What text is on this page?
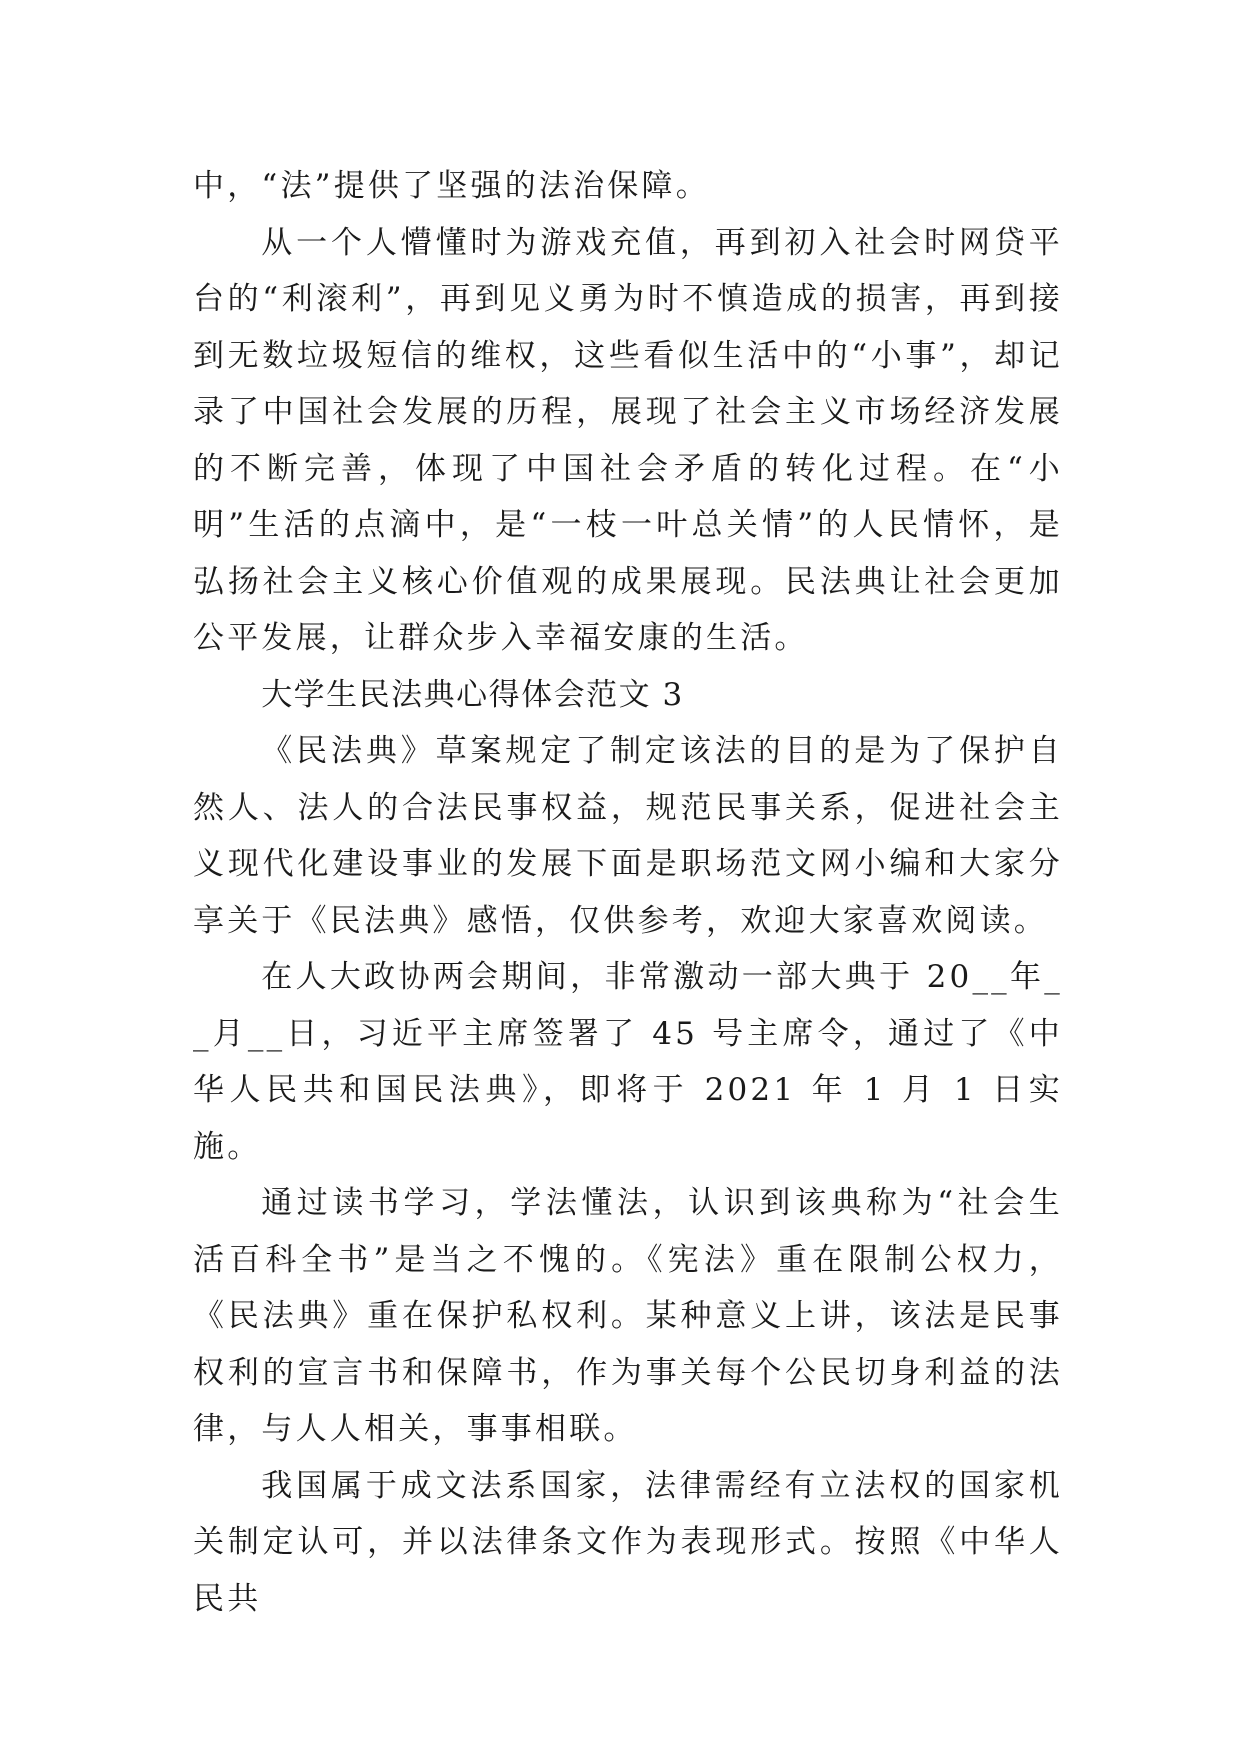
中，“法”提供了坚强的法治保障。

从一个人懵懂时为游戏充值，再到初入社会时网贷平台的“利滚利”，再到见义勇为时不慎造成的损害，再到接到无数垃圾短信的维权，这些看似生活中的“小事”，却记录了中国社会发展的历程，展现了社会主义市场经济发展的不断完善，体现了中国社会矛盾的转化过程。在“小明”生活的点滴中，是“一枝一叶总关情”的人民情怀，是弘扬社会主义核心价值观的成果展现。民法典让社会更加公平发展，让群众步入幸福安康的生活。

大学生民法典心得体会范文 3

《民法典》草案规定了制定该法的目的是为了保护自然人、法人的合法民事权益，规范民事关系，促进社会主义现代化建设事业的发展下面是职场范文网小编和大家分享关于《民法典》感悟，仅供参考，欢迎大家喜欢阅读。

在人大政协两会期间，非常激动一部大典于 20__年__月__日，习近平主席签署了 45 号主席令，通过了《中华人民共和国民法典》，即将于 2021 年 1 月 1 日实施。

通过读书学习，学法懂法，认识到该典称为“社会生活百科全书”是当之不愧的。《宪法》重在限制公权力，《民法典》重在保护私权利。某种意义上讲，该法是民事权利的宣言书和保障书，作为事关每个公民切身利益的法律，与人人相关，事事相联。

我国属于成文法系国家，法律需经有立法权的国家机关制定认可，并以法律条文作为表现形式。按照《中华人民共
